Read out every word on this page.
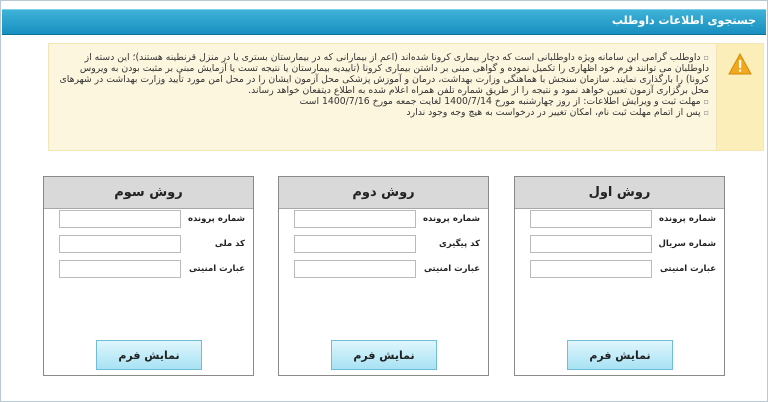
جستجوی اطلاعات داوطلب

▫داوطلب گرامی این سامانه ویژه داوطلبانی است که دچار بیماری کرونا شده‌اند (اعم از بیمارانی که در بیمارستان بستری یا در منزل قرنطینه هستند)؛ این دسته از داوطلبان می توانند فرم خود اظهاری را تکمیل نموده و گواهی مبنی بر داشتن بیماری کرونا (تاییدیه بیمارستان یا نتیجه تست یا آزمایش مبنی بر مثبت بودن به ویروس کرونا) را بارگذاری نمایند. سازمان سنجش با هماهنگی وزارت بهداشت، درمان و آموزش پزشکی محل آزمون ایشان را در محل امن مورد تأیید وزارت بهداشت در شهرهای محل برگزاری آزمون تعیین خواهد نمود و نتیجه را از طریق شماره تلفن همراه اعلام شده به اطلاع دیتفعان خواهد رساند.

▫مهلت ثبت و ویرایش اطلاعات: از روز چهارشنبه مورخ 1400/7/14 لغایت جمعه مورخ 1400/7/16 است

▫پس از اتمام مهلت ثبت نام، امکان تغییر در درخواست به هیچ وجه وجود ندارد

روش سوم
شماره پرونده
کد ملی
عبارت امنیتی
نمایش فرم
روش دوم
شماره پرونده
کد پیگیری
عبارت امنیتی
نمایش فرم
روش اول
شماره پرونده
شماره سریال
عبارت امنیتی
نمایش فرم
